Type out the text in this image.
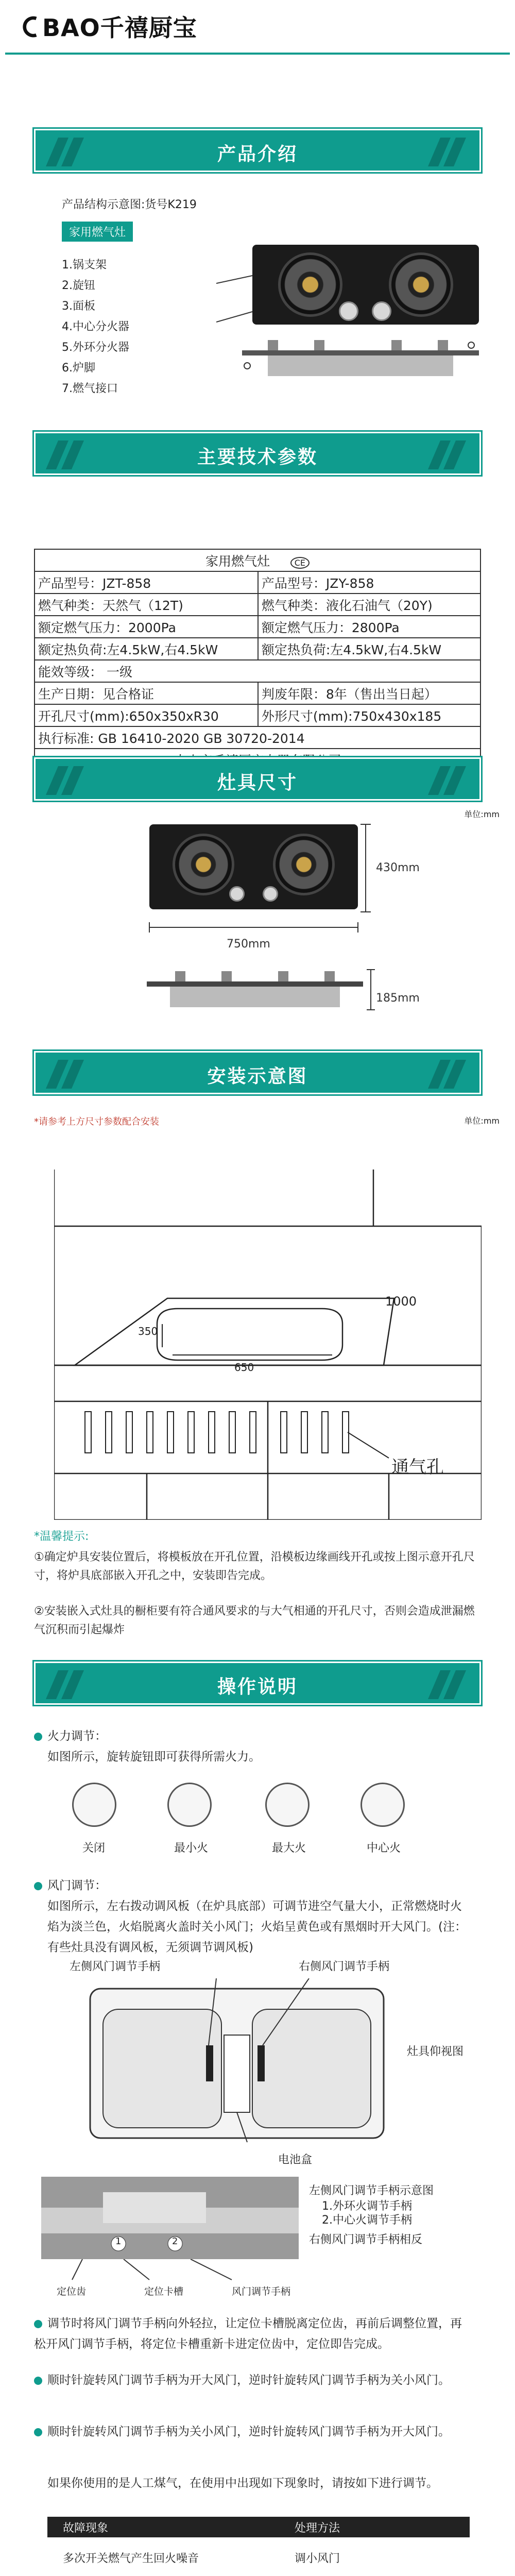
BAO千禧厨宝
产品介绍
产品结构示意图:货号K219
家用燃气灶
1.锅支架
2.旋钮
3.面板
4.中心分火器
5.外环分火器
6.炉脚
7.燃气接口
主要技术参数
家用燃气灶 CE	
产品型号：JZT-858	产品型号：JZY-858
燃气种类：天然气（12T)	燃气种类：液化石油气（20Y)
额定燃气压力：2000Pa	额定燃气压力：2800Pa
额定热负荷:左4.5kW,右4.5kW	额定热负荷:左4.5kW,右4.5kW
能效等级： 一级	
生产日期：见合格证	判废年限：8年（售出当日起）
开孔尺寸(mm):650x350xR30	外形尺寸(mm):750x430x185
执行标准: GB 16410-2020 GB 30720-2014	

灶具尺寸
单位:mm
430mm
750mm
185mm
安装示意图
*请参考上方尺寸参数配合安装	单位:mm
1000
350
650
通气孔
*温馨提示:
①确定炉具安装位置后，将模板放在开孔位置，沿模板边缘画线开孔或按上图示意开孔尺寸，将炉具底部嵌入开孔之中，安装即告完成。
②安装嵌入式灶具的橱柜要有符合通风要求的与大气相通的开孔尺寸，否则会造成泄漏燃气沉积而引起爆炸
操作说明
火力调节：
如图所示，旋转旋钮即可获得所需火力。
关闭	最小火	最大火	中心火
风门调节：
如图所示，左右拨动调风板（在炉具底部）可调节进空气量大小，正常燃烧时火焰为淡兰色，火焰脱离火盖时关小风门；火焰呈黄色或有黑烟时开大风门。(注：有些灶具没有调风板，无须调节调风板)
左侧风门调节手柄	右侧风门调节手柄
灶具仰视图
电池盒
1	2
左侧风门调节手柄示意图
1.外环火调节手柄
2.中心火调节手柄
右侧风门调节手柄相反
定位齿	定位卡槽	风门调节手柄
调节时将风门调节手柄向外轻拉，让定位卡槽脱离定位齿，再前后调整位置，再松开风门调节手柄，将定位卡槽重新卡进定位齿中，定位即告完成。
顺时针旋转风门调节手柄为开大风门，逆时针旋转风门调节手柄为关小风门。
顺时针旋转风门调节手柄为关小风门，逆时针旋转风门调节手柄为开大风门。
如果你使用的是人工煤气，在使用中出现如下现象时，请按如下进行调节。
故障现象	处理方法
多次开关燃气产生回火噪音	调小风门
